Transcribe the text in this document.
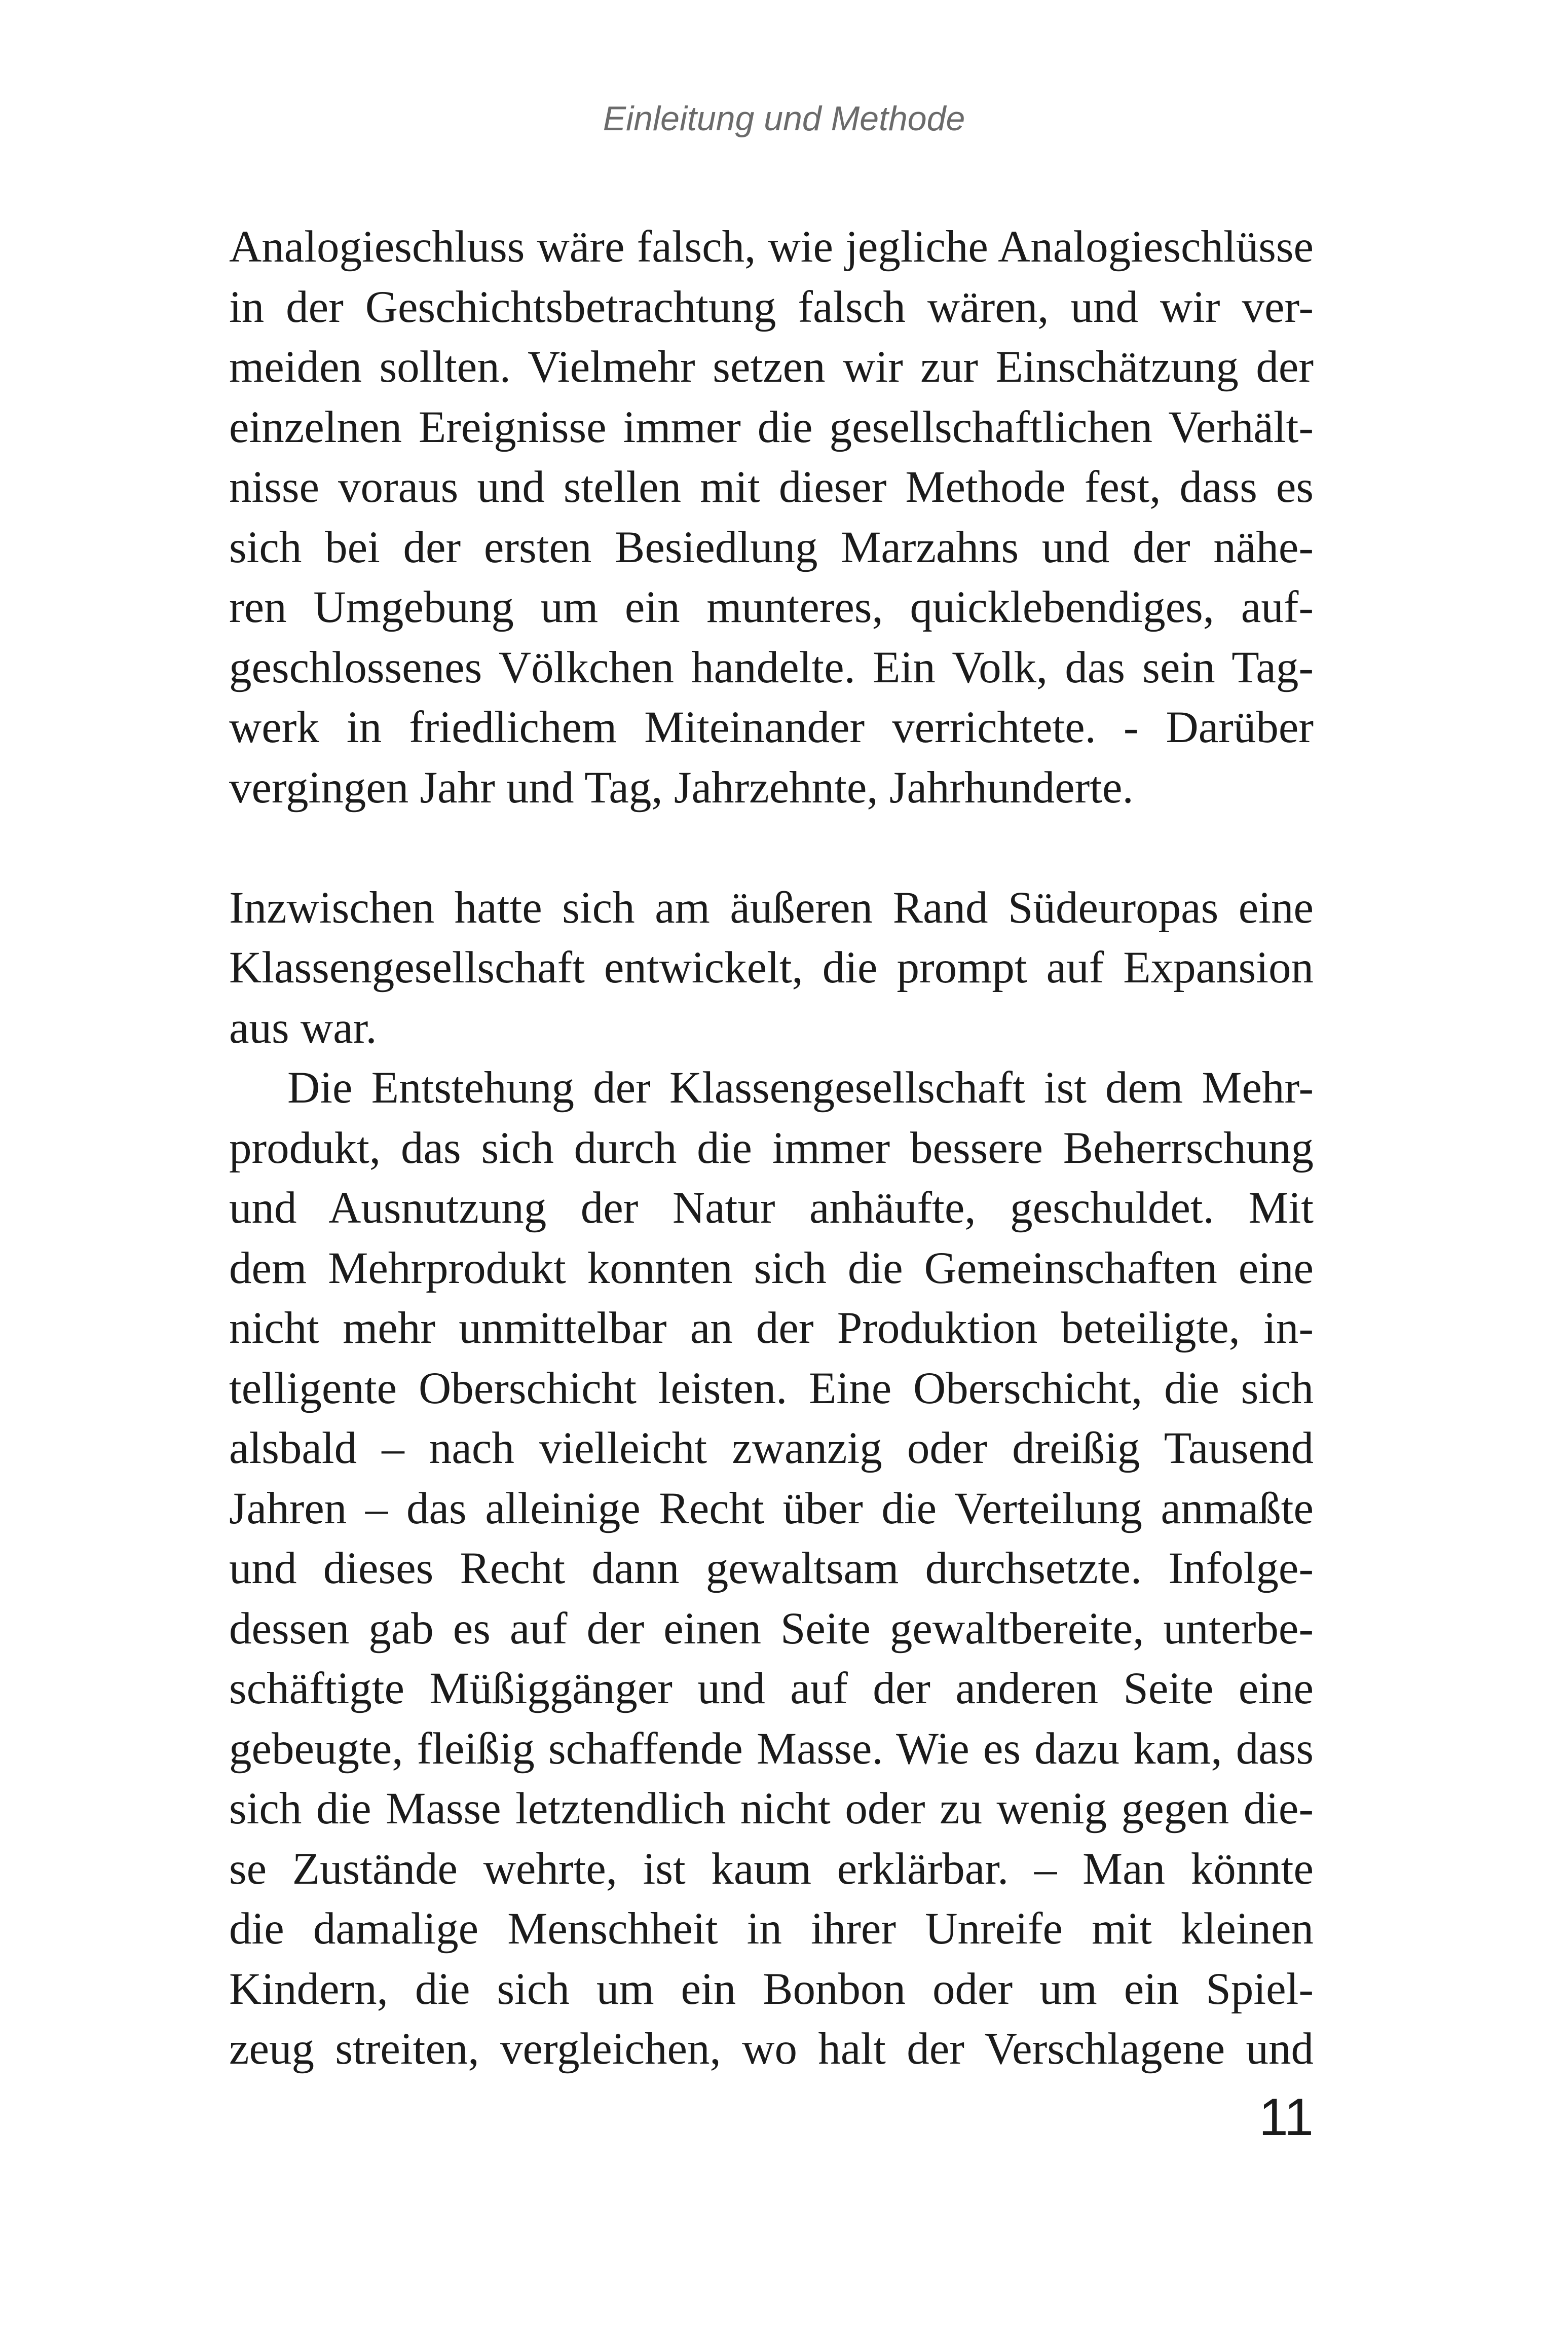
Einleitung und Methode
Analogieschluss wäre falsch, wie jegliche Analogieschlüsse
in der Geschichtsbetrachtung falsch wären, und wir ver-
meiden sollten. Vielmehr setzen wir zur Einschätzung der
einzelnen Ereignisse immer die gesellschaftlichen Verhält-
nisse voraus und stellen mit dieser Methode fest, dass es
sich bei der ersten Besiedlung Marzahns und der nähe-
ren Umgebung um ein munteres, quicklebendiges, auf-
geschlossenes Völkchen handelte. Ein Volk, das sein Tag-
werk in friedlichem Miteinander verrichtete. - Darüber
vergingen Jahr und Tag, Jahrzehnte, Jahrhunderte.
Inzwischen hatte sich am äußeren Rand Südeuropas eine
Klassengesellschaft entwickelt, die prompt auf Expansion
aus war.
Die Entstehung der Klassengesellschaft ist dem Mehr-
produkt, das sich durch die immer bessere Beherrschung
und Ausnutzung der Natur anhäufte, geschuldet. Mit
dem Mehrprodukt konnten sich die Gemeinschaften eine
nicht mehr unmittelbar an der Produktion beteiligte, in-
telligente Oberschicht leisten. Eine Oberschicht, die sich
alsbald – nach vielleicht zwanzig oder dreißig Tausend
Jahren – das alleinige Recht über die Verteilung anmaßte
und dieses Recht dann gewaltsam durchsetzte. Infolge-
dessen gab es auf der einen Seite gewaltbereite, unterbe-
schäftigte Müßiggänger und auf der anderen Seite eine
gebeugte, fleißig schaffende Masse. Wie es dazu kam, dass
sich die Masse letztendlich nicht oder zu wenig gegen die-
se Zustände wehrte, ist kaum erklärbar. – Man könnte
die damalige Menschheit in ihrer Unreife mit kleinen
Kindern, die sich um ein Bonbon oder um ein Spiel-
zeug streiten, vergleichen, wo halt der Verschlagene und
11
